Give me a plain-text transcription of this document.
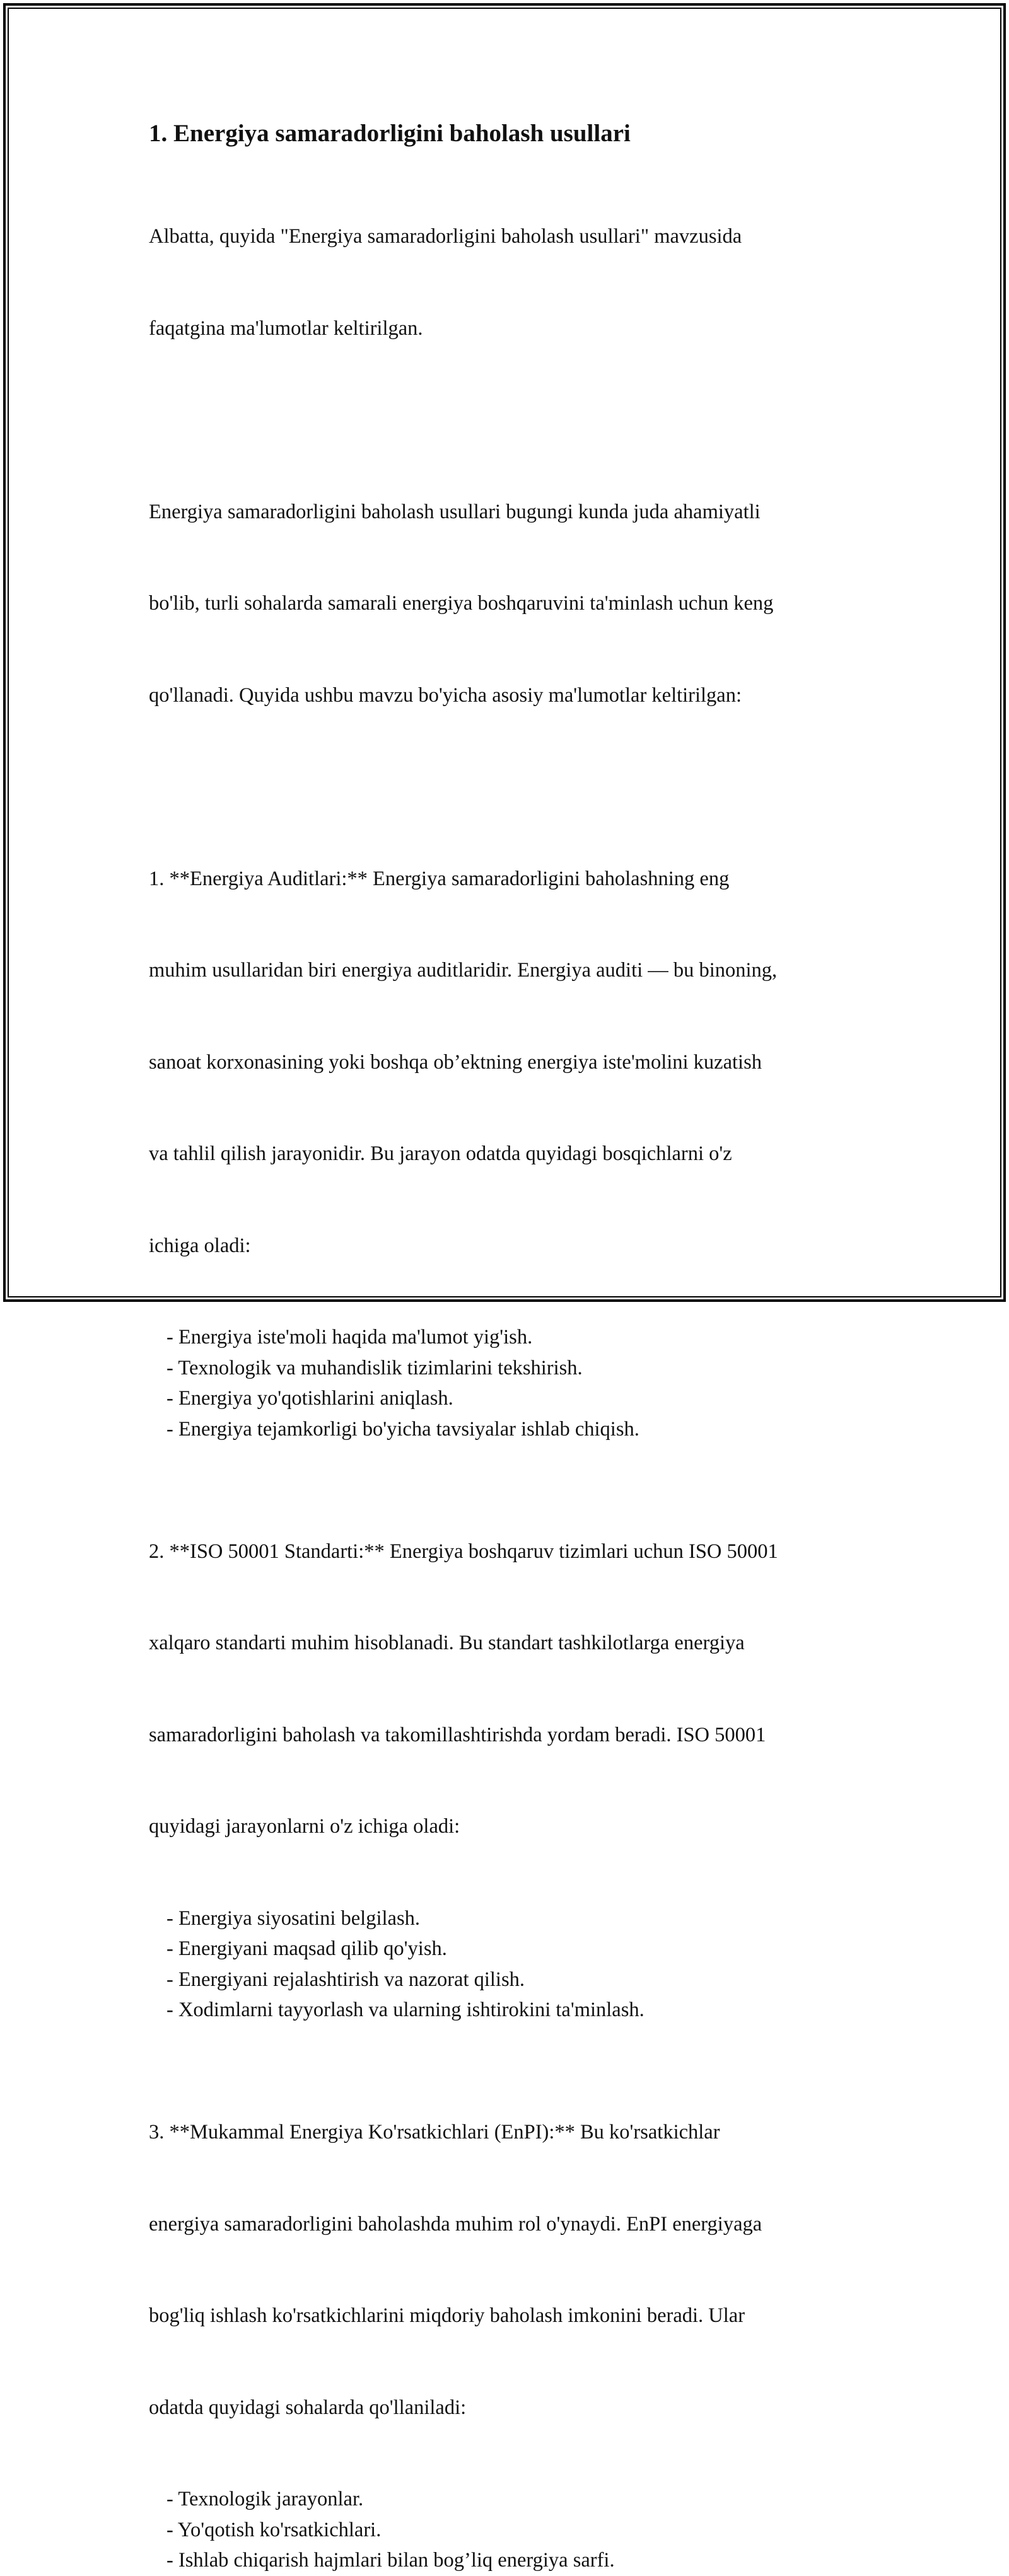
1. Energiya samaradorligini baholash usullari

Albatta, quyida "Energiya samaradorligini baholash usullari" mavzusida

faqatgina ma'lumotlar keltirilgan.

Energiya samaradorligini baholash usullari bugungi kunda juda ahamiyatli

bo'lib, turli sohalarda samarali energiya boshqaruvini ta'minlash uchun keng

qo'llanadi. Quyida ushbu mavzu bo'yicha asosiy ma'lumotlar keltirilgan:

1. **Energiya Auditlari:** Energiya samaradorligini baholashning eng

muhim usullaridan biri energiya auditlaridir. Energiya auditi — bu binoning,

sanoat korxonasining yoki boshqa ob’ektning energiya iste'molini kuzatish

va tahlil qilish jarayonidir. Bu jarayon odatda quyidagi bosqichlarni o'z

ichiga oladi:

- Energiya iste'moli haqida ma'lumot yig'ish.
- Texnologik va muhandislik tizimlarini tekshirish.
- Energiya yo'qotishlarini aniqlash.
- Energiya tejamkorligi bo'yicha tavsiyalar ishlab chiqish.

2. **ISO 50001 Standarti:** Energiya boshqaruv tizimlari uchun ISO 50001

xalqaro standarti muhim hisoblanadi. Bu standart tashkilotlarga energiya

samaradorligini baholash va takomillashtirishda yordam beradi. ISO 50001

quyidagi jarayonlarni o'z ichiga oladi:

- Energiya siyosatini belgilash.
- Energiyani maqsad qilib qo'yish.
- Energiyani rejalashtirish va nazorat qilish.
- Xodimlarni tayyorlash va ularning ishtirokini ta'minlash.

3. **Mukammal Energiya Ko'rsatkichlari (EnPI):** Bu ko'rsatkichlar

energiya samaradorligini baholashda muhim rol o'ynaydi. EnPI energiyaga

bog'liq ishlash ko'rsatkichlarini miqdoriy baholash imkonini beradi. Ular

odatda quyidagi sohalarda qo'llaniladi:

- Texnologik jarayonlar.
- Yo'qotish ko'rsatkichlari.
- Ishlab chiqarish hajmlari bilan bog’liq energiya sarfi.
